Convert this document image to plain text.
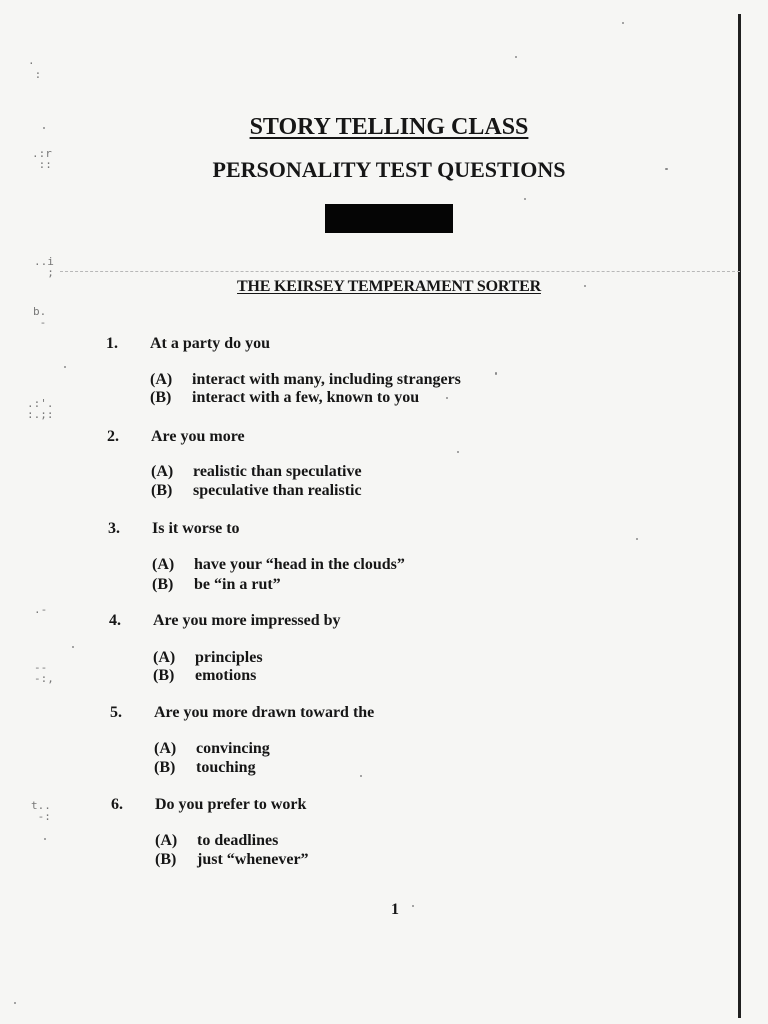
STORY TELLING CLASS
PERSONALITY TEST QUESTIONS
THE KEIRSEY TEMPERAMENT SORTER
1. At a party do you
(A) interact with many, including strangers
(B) interact with a few, known to you
2. Are you more
(A) realistic than speculative
(B) speculative than realistic
3. Is it worse to
(A) have your “head in the clouds”
(B) be “in a rut”
4. Are you more impressed by
(A) principles
(B) emotions
5. Are you more drawn toward the
(A) convincing
(B) touching
6. Do you prefer to work
(A) to deadlines
(B) just “whenever”
1
·
:
.:r
::
..i
;
b.
-
.:'.
:.;:
.-
--
-:,
t..
-:
